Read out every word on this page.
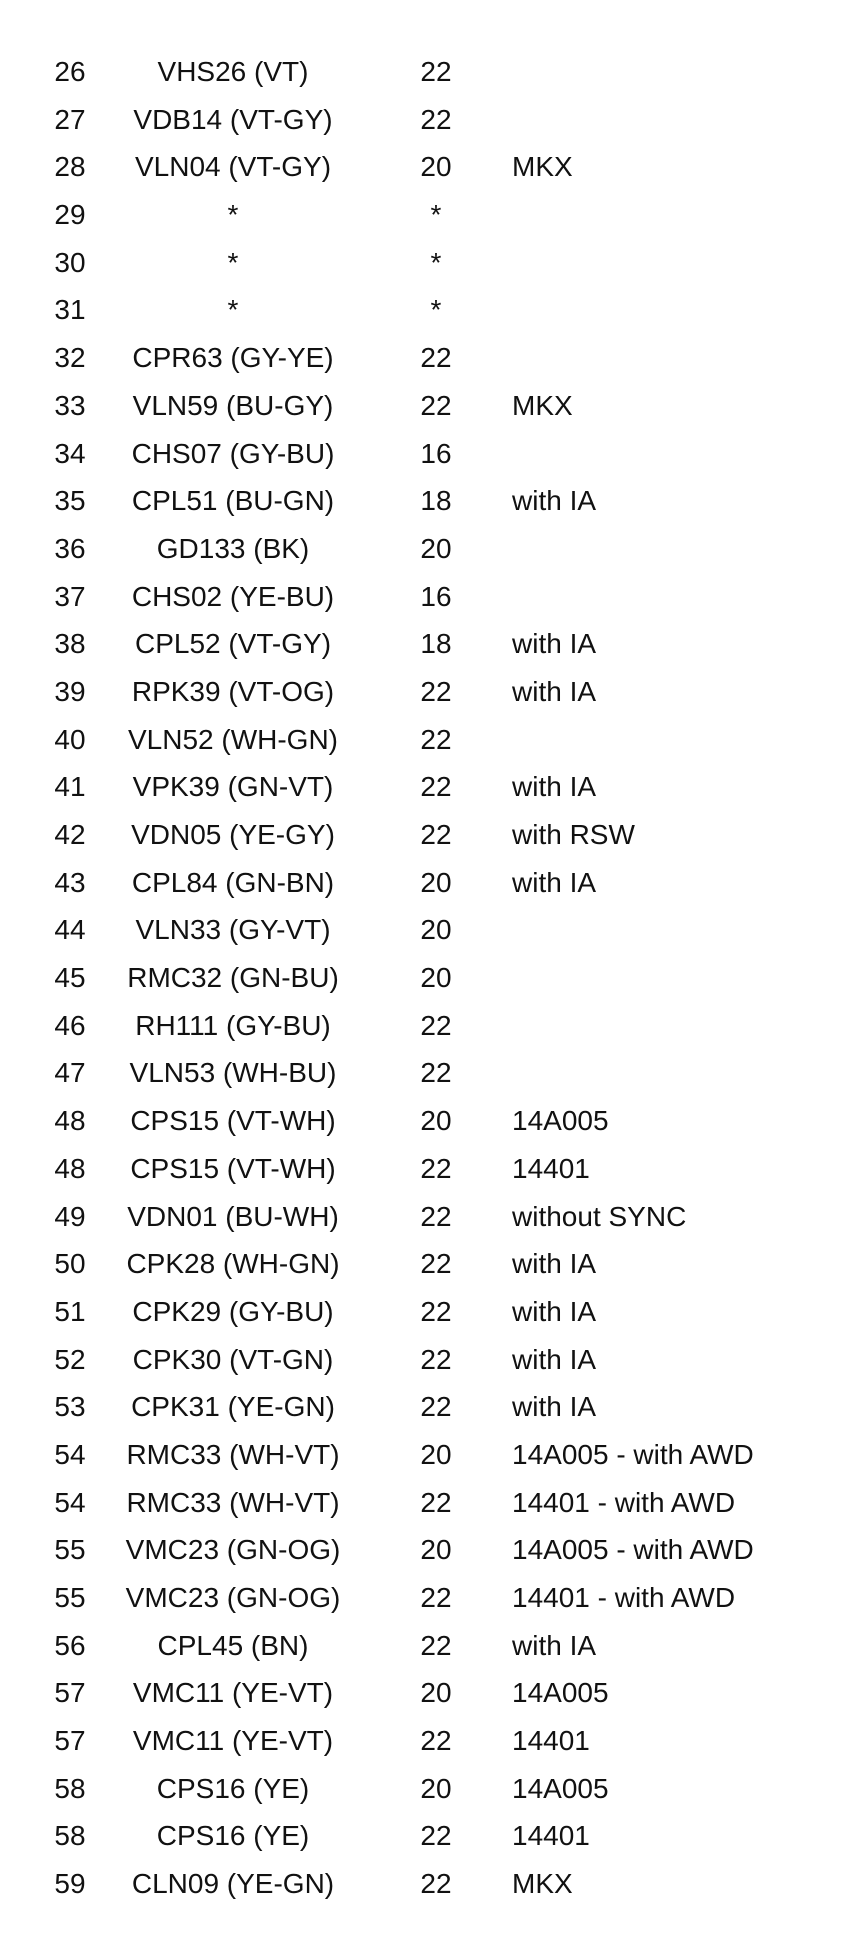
26	VHS26 (VT)	22
27	VDB14 (VT-GY)	22
28	VLN04 (VT-GY)	20	MKX
29	*	*
30	*	*
31	*	*
32	CPR63 (GY-YE)	22
33	VLN59 (BU-GY)	22	MKX
34	CHS07 (GY-BU)	16
35	CPL51 (BU-GN)	18	with IA
36	GD133 (BK)	20
37	CHS02 (YE-BU)	16
38	CPL52 (VT-GY)	18	with IA
39	RPK39 (VT-OG)	22	with IA
40	VLN52 (WH-GN)	22
41	VPK39 (GN-VT)	22	with IA
42	VDN05 (YE-GY)	22	with RSW
43	CPL84 (GN-BN)	20	with IA
44	VLN33 (GY-VT)	20
45	RMC32 (GN-BU)	20
46	RH111 (GY-BU)	22
47	VLN53 (WH-BU)	22
48	CPS15 (VT-WH)	20	14A005
48	CPS15 (VT-WH)	22	14401
49	VDN01 (BU-WH)	22	without SYNC
50	CPK28 (WH-GN)	22	with IA
51	CPK29 (GY-BU)	22	with IA
52	CPK30 (VT-GN)	22	with IA
53	CPK31 (YE-GN)	22	with IA
54	RMC33 (WH-VT)	20	14A005 - with AWD
54	RMC33 (WH-VT)	22	14401 - with AWD
55	VMC23 (GN-OG)	20	14A005 - with AWD
55	VMC23 (GN-OG)	22	14401 - with AWD
56	CPL45 (BN)	22	with IA
57	VMC11 (YE-VT)	20	14A005
57	VMC11 (YE-VT)	22	14401
58	CPS16 (YE)	20	14A005
58	CPS16 (YE)	22	14401
59	CLN09 (YE-GN)	22	MKX
